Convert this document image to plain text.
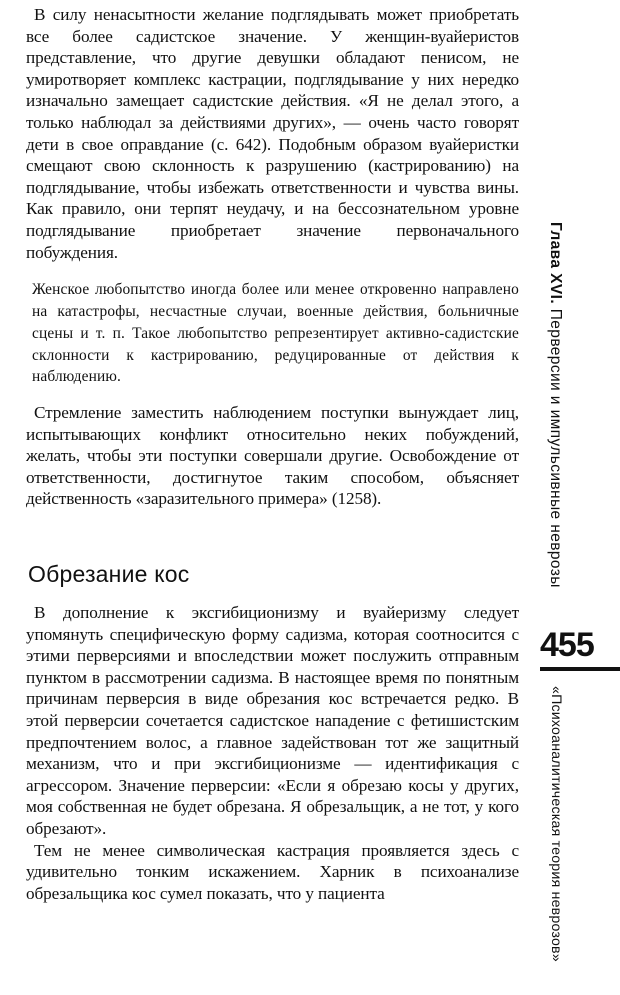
В силу ненасытности желание подглядывать может приобретать все более садистское значение. У женщин-вуайеристов представление, что другие девушки обладают пенисом, не умиротворяет комплекс кастрации, подглядывание у них нередко изначально замещает садистские действия. «Я не делал этого, а только наблюдал за действиями других», — очень часто говорят дети в свое оправдание (с. 642). Подобным образом вуайеристки смещают свою склонность к разрушению (кастрированию) на подглядывание, чтобы избежать ответственности и чувства вины. Как правило, они терпят неудачу, и на бессознательном уровне подглядывание приобретает значение первоначального побуждения.

Женское любопытство иногда более или менее откровенно направлено на катастрофы, несчастные случаи, военные действия, больничные сцены и т. п. Такое любопытство репрезентирует активно-садистские склонности к кастрированию, редуцированные от действия к наблюдению.

Стремление заместить наблюдением поступки вынуждает лиц, испытывающих конфликт относительно неких побуждений, желать, чтобы эти поступки совершали другие. Освобождение от ответственности, достигнутое таким способом, объясняет действенность «заразительного примера» (1258).

Обрезание кос

В дополнение к эксгибиционизму и вуайеризму следует упомянуть специфическую форму садизма, которая соотносится с этими перверсиями и впоследствии может послужить отправным пунктом в рассмотрении садизма. В настоящее время по понятным причинам перверсия в виде обрезания кос встречается редко. В этой перверсии сочетается садистское нападение с фетишистским предпочтением волос, а главное задействован тот же защитный механизм, что и при эксгибиционизме — идентификация с агрессором. Значение перверсии: «Если я обрезаю косы у других, моя собственная не будет обрезана. Я обрезальщик, а не тот, у кого обрезают».

Тем не менее символическая кастрация проявляется здесь с удивительно тонким искажением. Харник в психоанализе обрезальщика кос сумел показать, что у пациента

Глава XVI. Перверсии и импульсивные неврозы
455
«Психоаналитическая теория неврозов»
